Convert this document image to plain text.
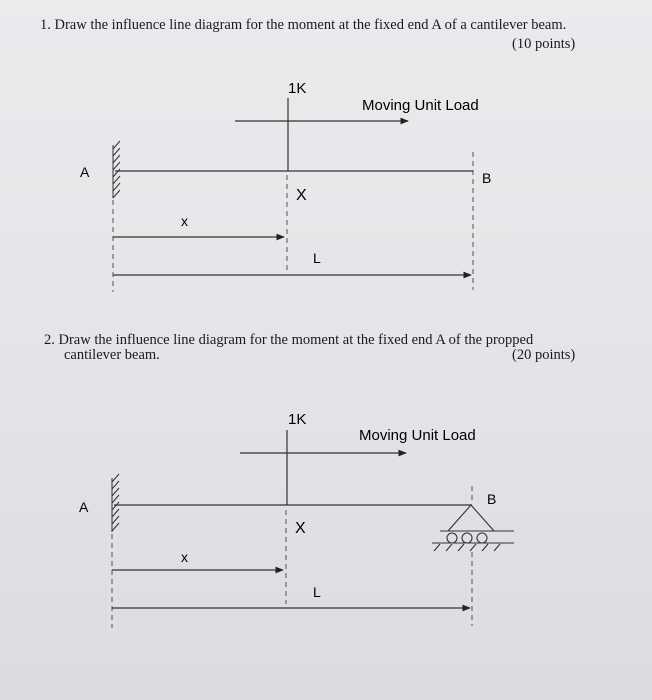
1. Draw the influence line diagram for the moment at the fixed end A of a cantilever beam.
(10 points)
2. Draw the influence line diagram for the moment at the fixed end A of the propped
cantilever beam.	(20 points)
1K
Moving Unit Load
A	B
X
x
L
1K
Moving Unit Load
A	B
X
x
L
